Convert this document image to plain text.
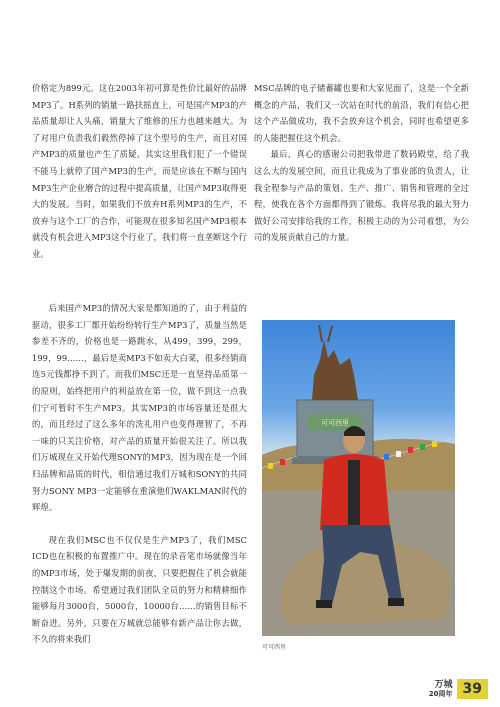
价格定为899元。这在2003年初可算是性价比最好的品牌MP3了。H系列的销量一路扶摇直上，可是国产MP3的产品质量却让人头痛，销量大了维修的压力也越来越大。为了对用户负责我们毅然停掉了这个型号的生产，而且对国产MP3的质量也产生了质疑。其实这里我们犯了一个错误不能马上就停了国产MP3的生产，而是应该在不断与国内MP3生产企业磨合的过程中提高质量，让国产MP3取得更大的发展。当时，如果我们不放弃H系列MP3的生产，不放弃与这个工厂的合作，可能现在很多知名国产MP3根本就没有机会进入MP3这个行业了，我们将一直垄断这个行业。

后来国产MP3的情况大家是都知道的了，由于利益的驱动，很多工厂都开始纷纷转行生产MP3了，质量当然是参差不齐的，价格也是一路跳水，从499，399，299，199，99……，最后是卖MP3不如卖大白菜，很多经销商连5元钱都挣不到了。而我们MSC还是一直坚持品质第一的原则，始终把用户的利益放在第一位，做不到这一点我们宁可暂时不生产MP3。其实MP3的市场容量还是很大的，而且经过了这么多年的洗礼用户也变得理智了，不再一味的只关注价格，对产品的质量开始很关注了。所以我们万城现在又开始代理SONY的MP3，因为现在是一个回归品牌和品质的时代，相信通过我们万城和SONY的共同努力SONY MP3一定能够在重演他们WAKLMAN时代的辉煌。

现在我们MSC也不仅仅是生产MP3了，我们MSC ICD也在积极的布置推广中。现在的录音笔市场就像当年的MP3市场，处于爆发期的前夜，只要把握住了机会就能控制这个市场。希望通过我们团队全员的努力和精耕细作能够每月3000台，5000台，10000台……的销售目标不断奋进。另外，只要在万城就总能够有新产品让你去做，不久的将来我们

MSC品牌的电子储蓄罐也要和大家见面了，这是一个全新概念的产品，我们又一次站在时代的前沿，我们有信心把这个产品做成功，我不会放弃这个机会，同时也希望更多的人能把握住这个机会。

最后，真心的感谢公司把我带进了数码殿堂，给了我这么大的发展空间，而且让我成为了事业部的负责人，让我全程参与产品的策划、生产、推广、销售和管理的全过程，使我在各个方面都得到了锻炼。我将尽我的最大努力做好公司安排给我的工作，积极主动的为公司着想，为公司的发展贡献自己的力量。

可可西里
可可西里
万城
20周年 39
